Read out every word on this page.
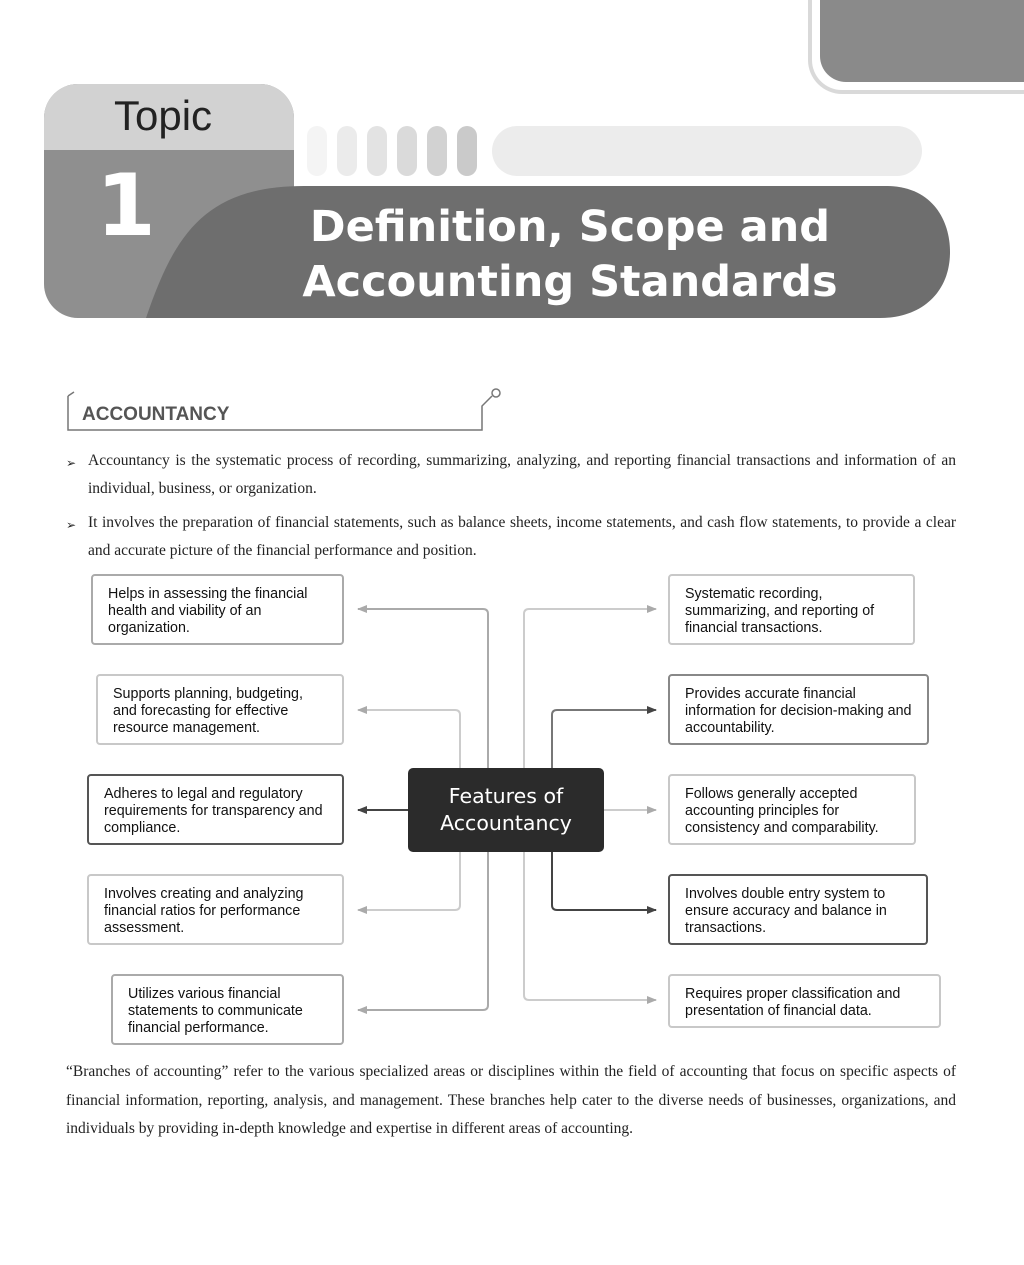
Topic
1	Definition, Scope and
Accounting Standards
ACCOUNTANCY
➢ Accountancy is the systematic process of recording, summarizing, analyzing, and reporting financial transactions and information of an individual, business, or organization.
➢ It involves the preparation of financial statements, such as balance sheets, income statements, and cash flow statements, to provide a clear and accurate picture of the financial performance and position.
Helps in assessing the financial health and viability of an organization.
Supports planning, budgeting, and forecasting for effective resource management.
Adheres to legal and regulatory requirements for transparency and compliance.
Involves creating and analyzing financial ratios for performance assessment.
Utilizes various financial statements to communicate financial performance.
Features of Accountancy
Systematic recording, summarizing, and reporting of financial transactions.
Provides accurate financial information for decision-making and accountability.
Follows generally accepted accounting principles for consistency and comparability.
Involves double entry system to ensure accuracy and balance in transactions.
Requires proper classification and presentation of financial data.
“Branches of accounting” refer to the various specialized areas or disciplines within the field of accounting that focus on specific aspects of financial information, reporting, analysis, and management. These branches help cater to the diverse needs of businesses, organizations, and individuals by providing in-depth knowledge and expertise in different areas of accounting.
